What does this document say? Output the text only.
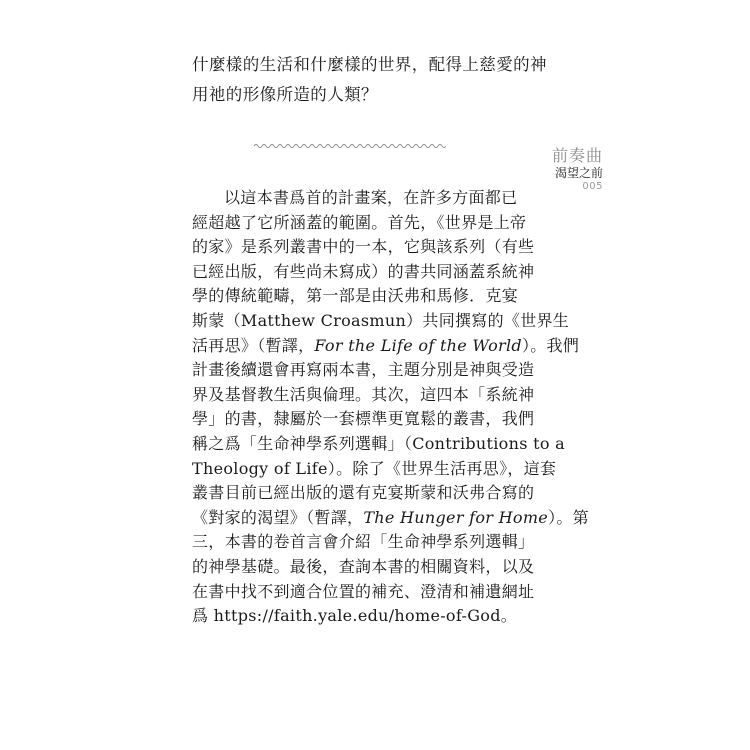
什麼樣的生活和什麼樣的世界，配得上慈愛的神
用祂的形像所造的人類？

前奏曲
渴望之前
005

以這本書爲首的計畫案，在許多方面都已
經超越了它所涵蓋的範圍。首先，《世界是上帝
的家》是系列叢書中的一本，它與該系列（有些
已經出版，有些尚未寫成）的書共同涵蓋系統神
學的傳統範疇，第一部是由沃弗和馬修．克宴
斯蒙（Matthew Croasmun）共同撰寫的《世界生
活再思》（暫譯，For the Life of the World）。我們
計畫後續還會再寫兩本書，主題分別是神與受造
界及基督教生活與倫理。其次，這四本「系統神
學」的書，隸屬於一套標準更寬鬆的叢書，我們
稱之爲「生命神學系列選輯」（Contributions to a
Theology of Life）。除了《世界生活再思》，這套
叢書目前已經出版的還有克宴斯蒙和沃弗合寫的
《對家的渴望》（暫譯，The Hunger for Home）。第
三，本書的卷首言會介紹「生命神學系列選輯」
的神學基礎。最後，查詢本書的相關資料，以及
在書中找不到適合位置的補充、澄清和補遺網址
爲 https://faith.yale.edu/home-of-God。
